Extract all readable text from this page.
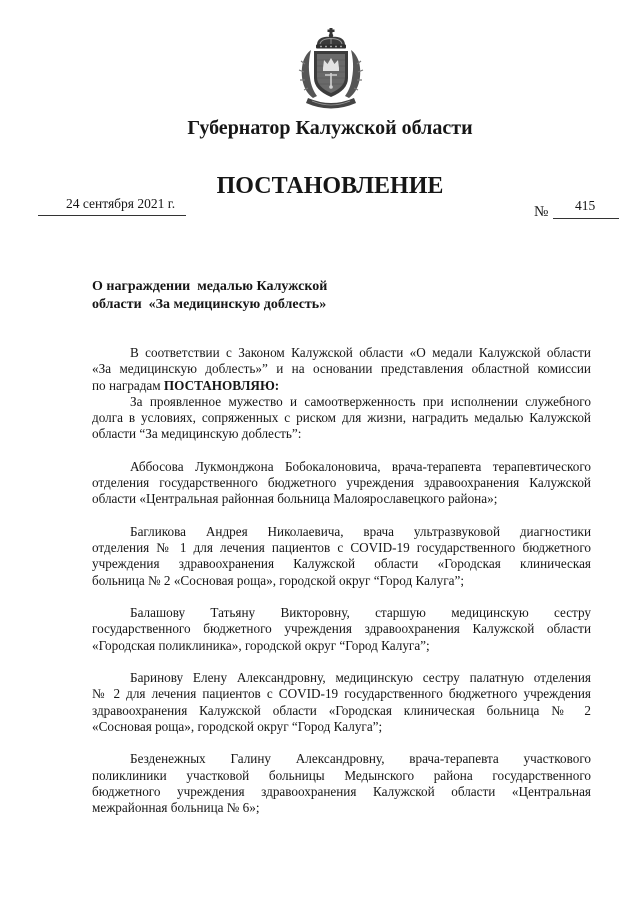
Губернатор Калужской области
ПОСТАНОВЛЕНИЕ
24 сентября 2021 г.
№ 415
О награждении  медалью Калужской
области  «За медицинскую доблесть»
В соответствии с Законом Калужской области «О медали Калужской области
«За медицинскую доблесть»” и на основании представления областной комиссии
по наградам ПОСТАНОВЛЯЮ:
За проявленное мужество и самоотверженность при исполнении служебного
долга в условиях, сопряженных с риском для жизни, наградить медалью Калужской
области “За медицинскую доблесть”:
Аббосова Лукмонджона Бобокалоновича, врача-терапевта терапевтического
отделения государственного бюджетного учреждения здравоохранения Калужской
области «Центральная районная больница Малоярославецкого района»;
Багликова Андрея Николаевича, врача ультразвуковой диагностики
отделения № 1 для лечения пациентов с COVID-19 государственного бюджетного
учреждения здравоохранения Калужской области «Городская клиническая
больница № 2 «Сосновая роща», городской округ “Город Калуга”;
Балашову Татьяну Викторовну, старшую медицинскую сестру
государственного бюджетного учреждения здравоохранения Калужской области
«Городская поликлиника», городской округ “Город Калуга”;
Баринову Елену Александровну, медицинскую сестру палатную отделения
№ 2 для лечения пациентов с COVID-19 государственного бюджетного учреждения
здравоохранения Калужской области «Городская клиническая больница № 2
«Сосновая роща», городской округ “Город Калуга”;
Безденежных Галину Александровну, врача-терапевта участкового
поликлиники участковой больницы Медынского района государственного
бюджетного учреждения здравоохранения Калужской области «Центральная
межрайонная больница № 6»;
